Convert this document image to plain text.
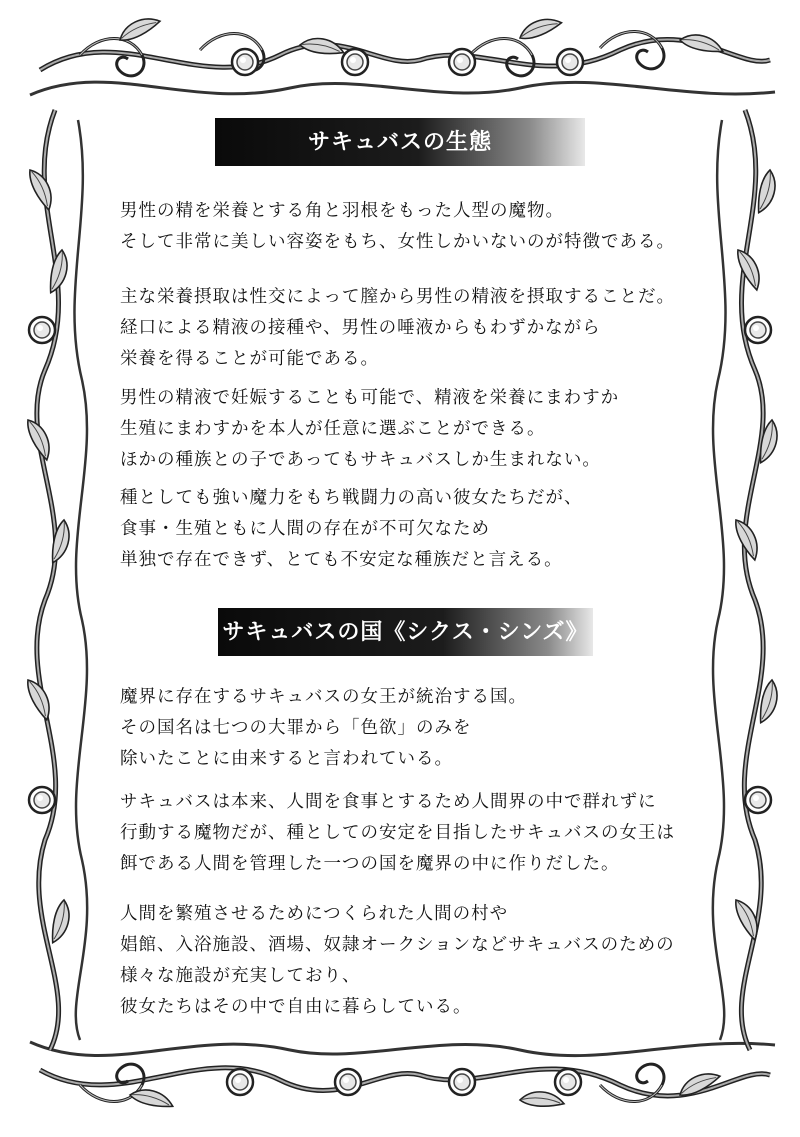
サキュバスの生態
男性の精を栄養とする角と羽根をもった人型の魔物。
そして非常に美しい容姿をもち、女性しかいないのが特徴である。
主な栄養摂取は性交によって膣から男性の精液を摂取することだ。
経口による精液の接種や、男性の唾液からもわずかながら
栄養を得ることが可能である。
男性の精液で妊娠することも可能で、精液を栄養にまわすか
生殖にまわすかを本人が任意に選ぶことができる。
ほかの種族との子であってもサキュバスしか生まれない。
種としても強い魔力をもち戦闘力の高い彼女たちだが、
食事・生殖ともに人間の存在が不可欠なため
単独で存在できず、とても不安定な種族だと言える。
サキュバスの国《シクス・シンズ》
魔界に存在するサキュバスの女王が統治する国。
その国名は七つの大罪から「色欲」のみを
除いたことに由来すると言われている。
サキュバスは本来、人間を食事とするため人間界の中で群れずに
行動する魔物だが、種としての安定を目指したサキュバスの女王は
餌である人間を管理した一つの国を魔界の中に作りだした。
人間を繁殖させるためにつくられた人間の村や
娼館、入浴施設、酒場、奴隷オークションなどサキュバスのための
様々な施設が充実しており、
彼女たちはその中で自由に暮らしている。
